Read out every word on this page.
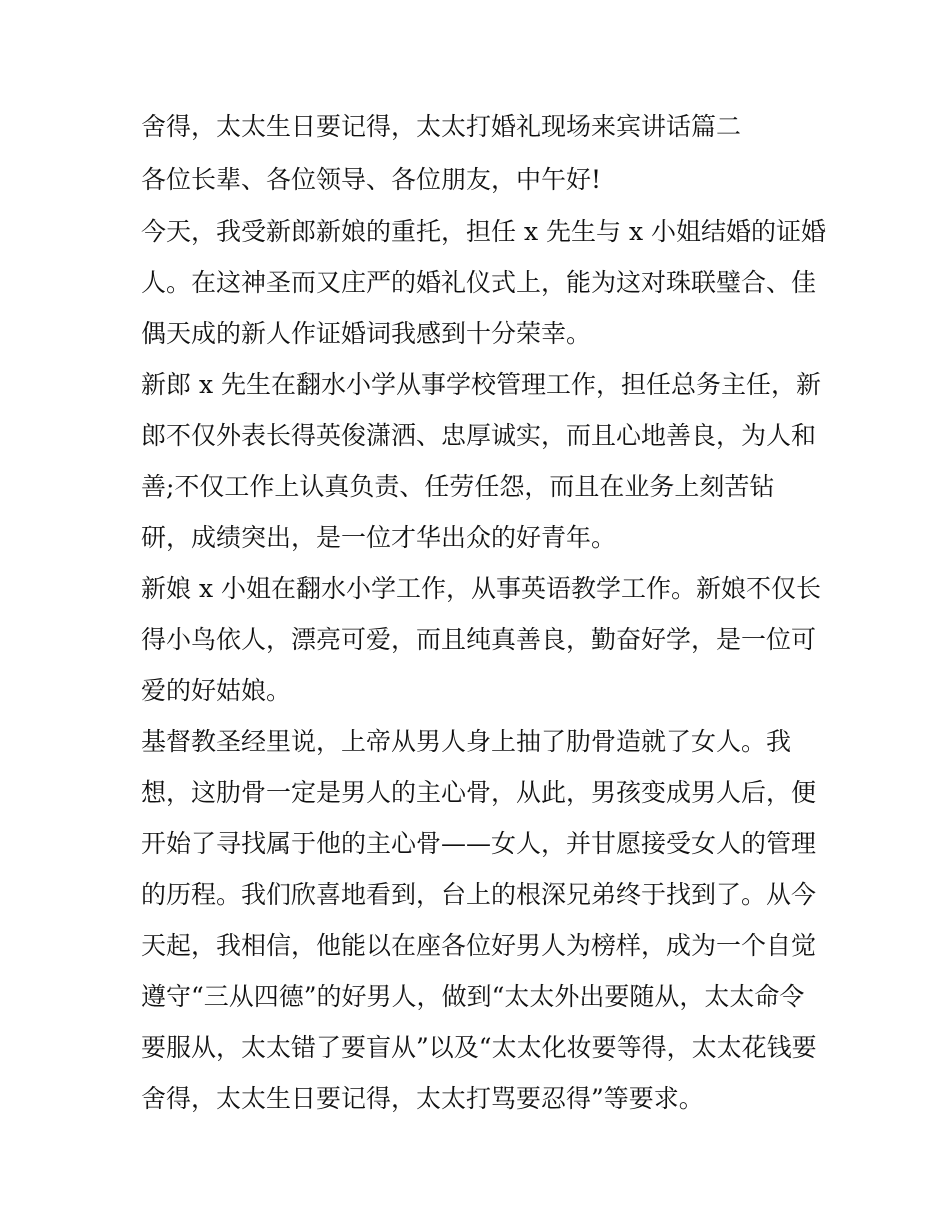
舍得，太太生日要记得，太太打婚礼现场来宾讲话篇二

各位长辈、各位领导、各位朋友，中午好!

今天，我受新郎新娘的重托，担任 x 先生与 x 小姐结婚的证婚

人。在这神圣而又庄严的婚礼仪式上，能为这对珠联璧合、佳

偶天成的新人作证婚词我感到十分荣幸。

新郎 x 先生在翻水小学从事学校管理工作，担任总务主任，新

郎不仅外表长得英俊潇洒、忠厚诚实，而且心地善良，为人和

善;不仅工作上认真负责、任劳任怨，而且在业务上刻苦钻

研，成绩突出，是一位才华出众的好青年。

新娘 x 小姐在翻水小学工作，从事英语教学工作。新娘不仅长

得小鸟依人，漂亮可爱，而且纯真善良，勤奋好学，是一位可

爱的好姑娘。

基督教圣经里说，上帝从男人身上抽了肋骨造就了女人。我

想，这肋骨一定是男人的主心骨，从此，男孩变成男人后，便

开始了寻找属于他的主心骨——女人，并甘愿接受女人的管理

的历程。我们欣喜地看到，台上的根深兄弟终于找到了。从今

天起，我相信，他能以在座各位好男人为榜样，成为一个自觉

遵守“三从四德”的好男人，做到“太太外出要随从，太太命令

要服从，太太错了要盲从”以及“太太化妆要等得，太太花钱要

舍得，太太生日要记得，太太打骂要忍得”等要求。
